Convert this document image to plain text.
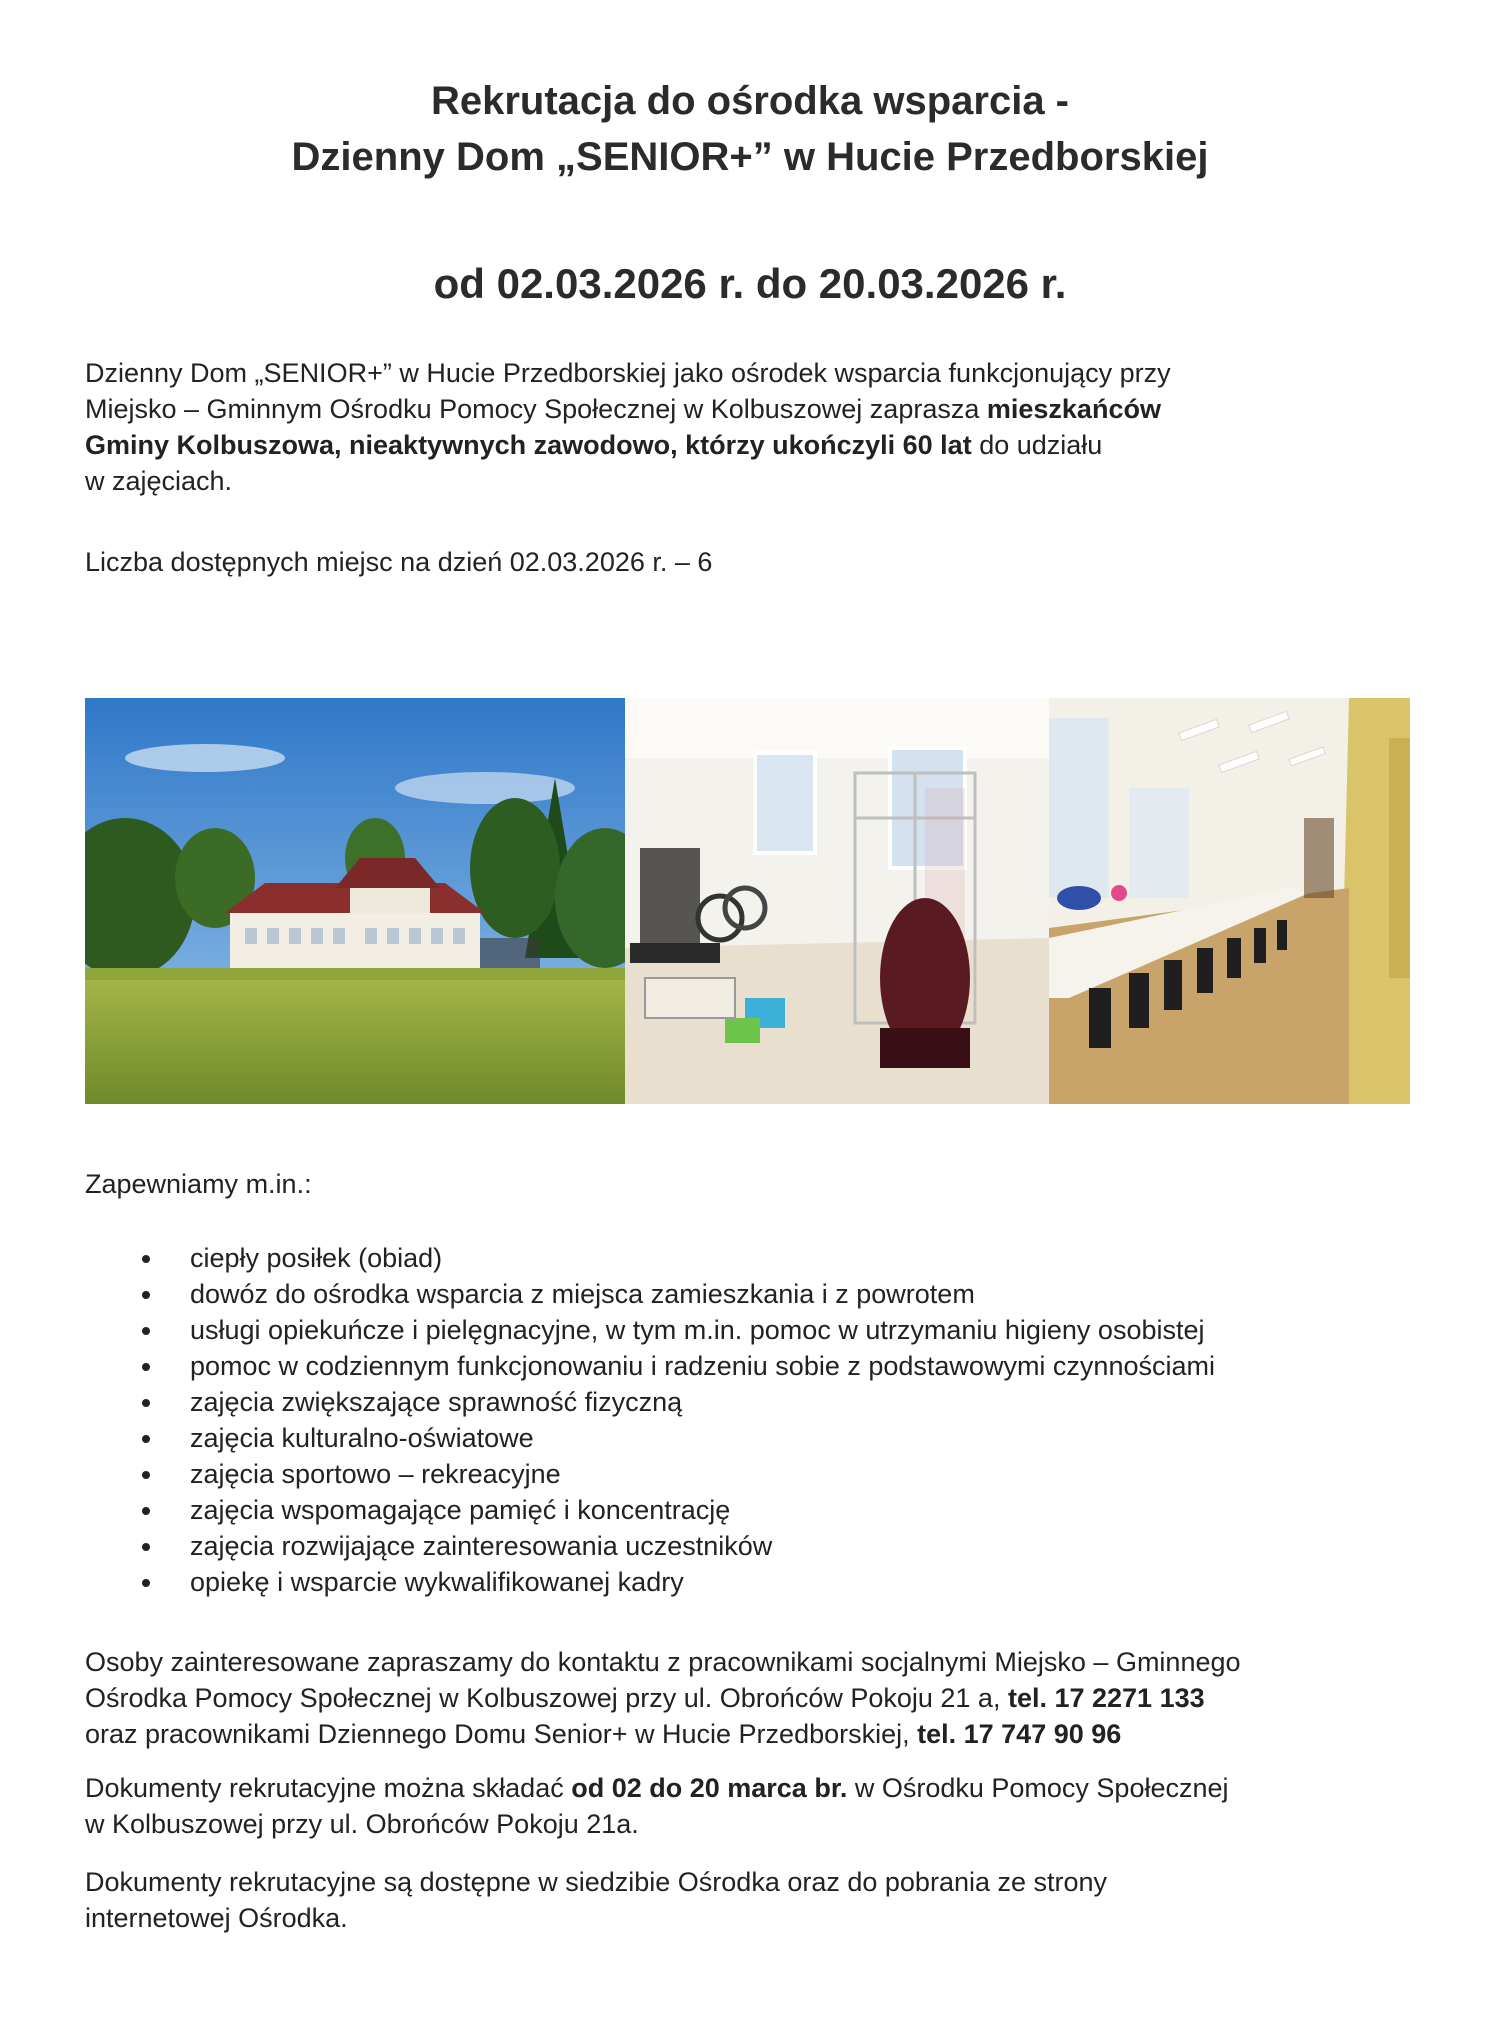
Rekrutacja do ośrodka wsparcia -
Dzienny Dom „SENIOR+” w Hucie Przedborskiej
od 02.03.2026 r. do 20.03.2026 r.
Dzienny Dom „SENIOR+” w Hucie Przedborskiej jako ośrodek wsparcia funkcjonujący przy
Miejsko – Gminnym Ośrodku Pomocy Społecznej w Kolbuszowej zaprasza mieszkańców
Gminy Kolbuszowa, nieaktywnych zawodowo, którzy ukończyli 60 lat do udziału
w zajęciach.

Liczba dostępnych miejsc na dzień 02.03.2026 r. – 6

Zapewniamy m.in.:

ciepły posiłek (obiad)
dowóz do ośrodka wsparcia z miejsca zamieszkania i z powrotem
usługi opiekuńcze i pielęgnacyjne, w tym m.in. pomoc w utrzymaniu higieny osobistej
pomoc w codziennym funkcjonowaniu i radzeniu sobie z podstawowymi czynnościami
zajęcia zwiększające sprawność fizyczną
zajęcia kulturalno-oświatowe
zajęcia sportowo – rekreacyjne
zajęcia wspomagające pamięć i koncentrację
zajęcia rozwijające zainteresowania uczestników
opiekę i wsparcie wykwalifikowanej kadry
Osoby zainteresowane zapraszamy do kontaktu z pracownikami socjalnymi Miejsko – Gminnego
Ośrodka Pomocy Społecznej w Kolbuszowej przy ul. Obrońców Pokoju 21 a, tel. 17 2271 133
oraz pracownikami Dziennego Domu Senior+ w Hucie Przedborskiej, tel. 17 747 90 96
Dokumenty rekrutacyjne można składać od 02 do 20 marca br. w Ośrodku Pomocy Społecznej
w Kolbuszowej przy ul. Obrońców Pokoju 21a.
Dokumenty rekrutacyjne są dostępne w siedzibie Ośrodka oraz do pobrania ze strony
internetowej Ośrodka.
